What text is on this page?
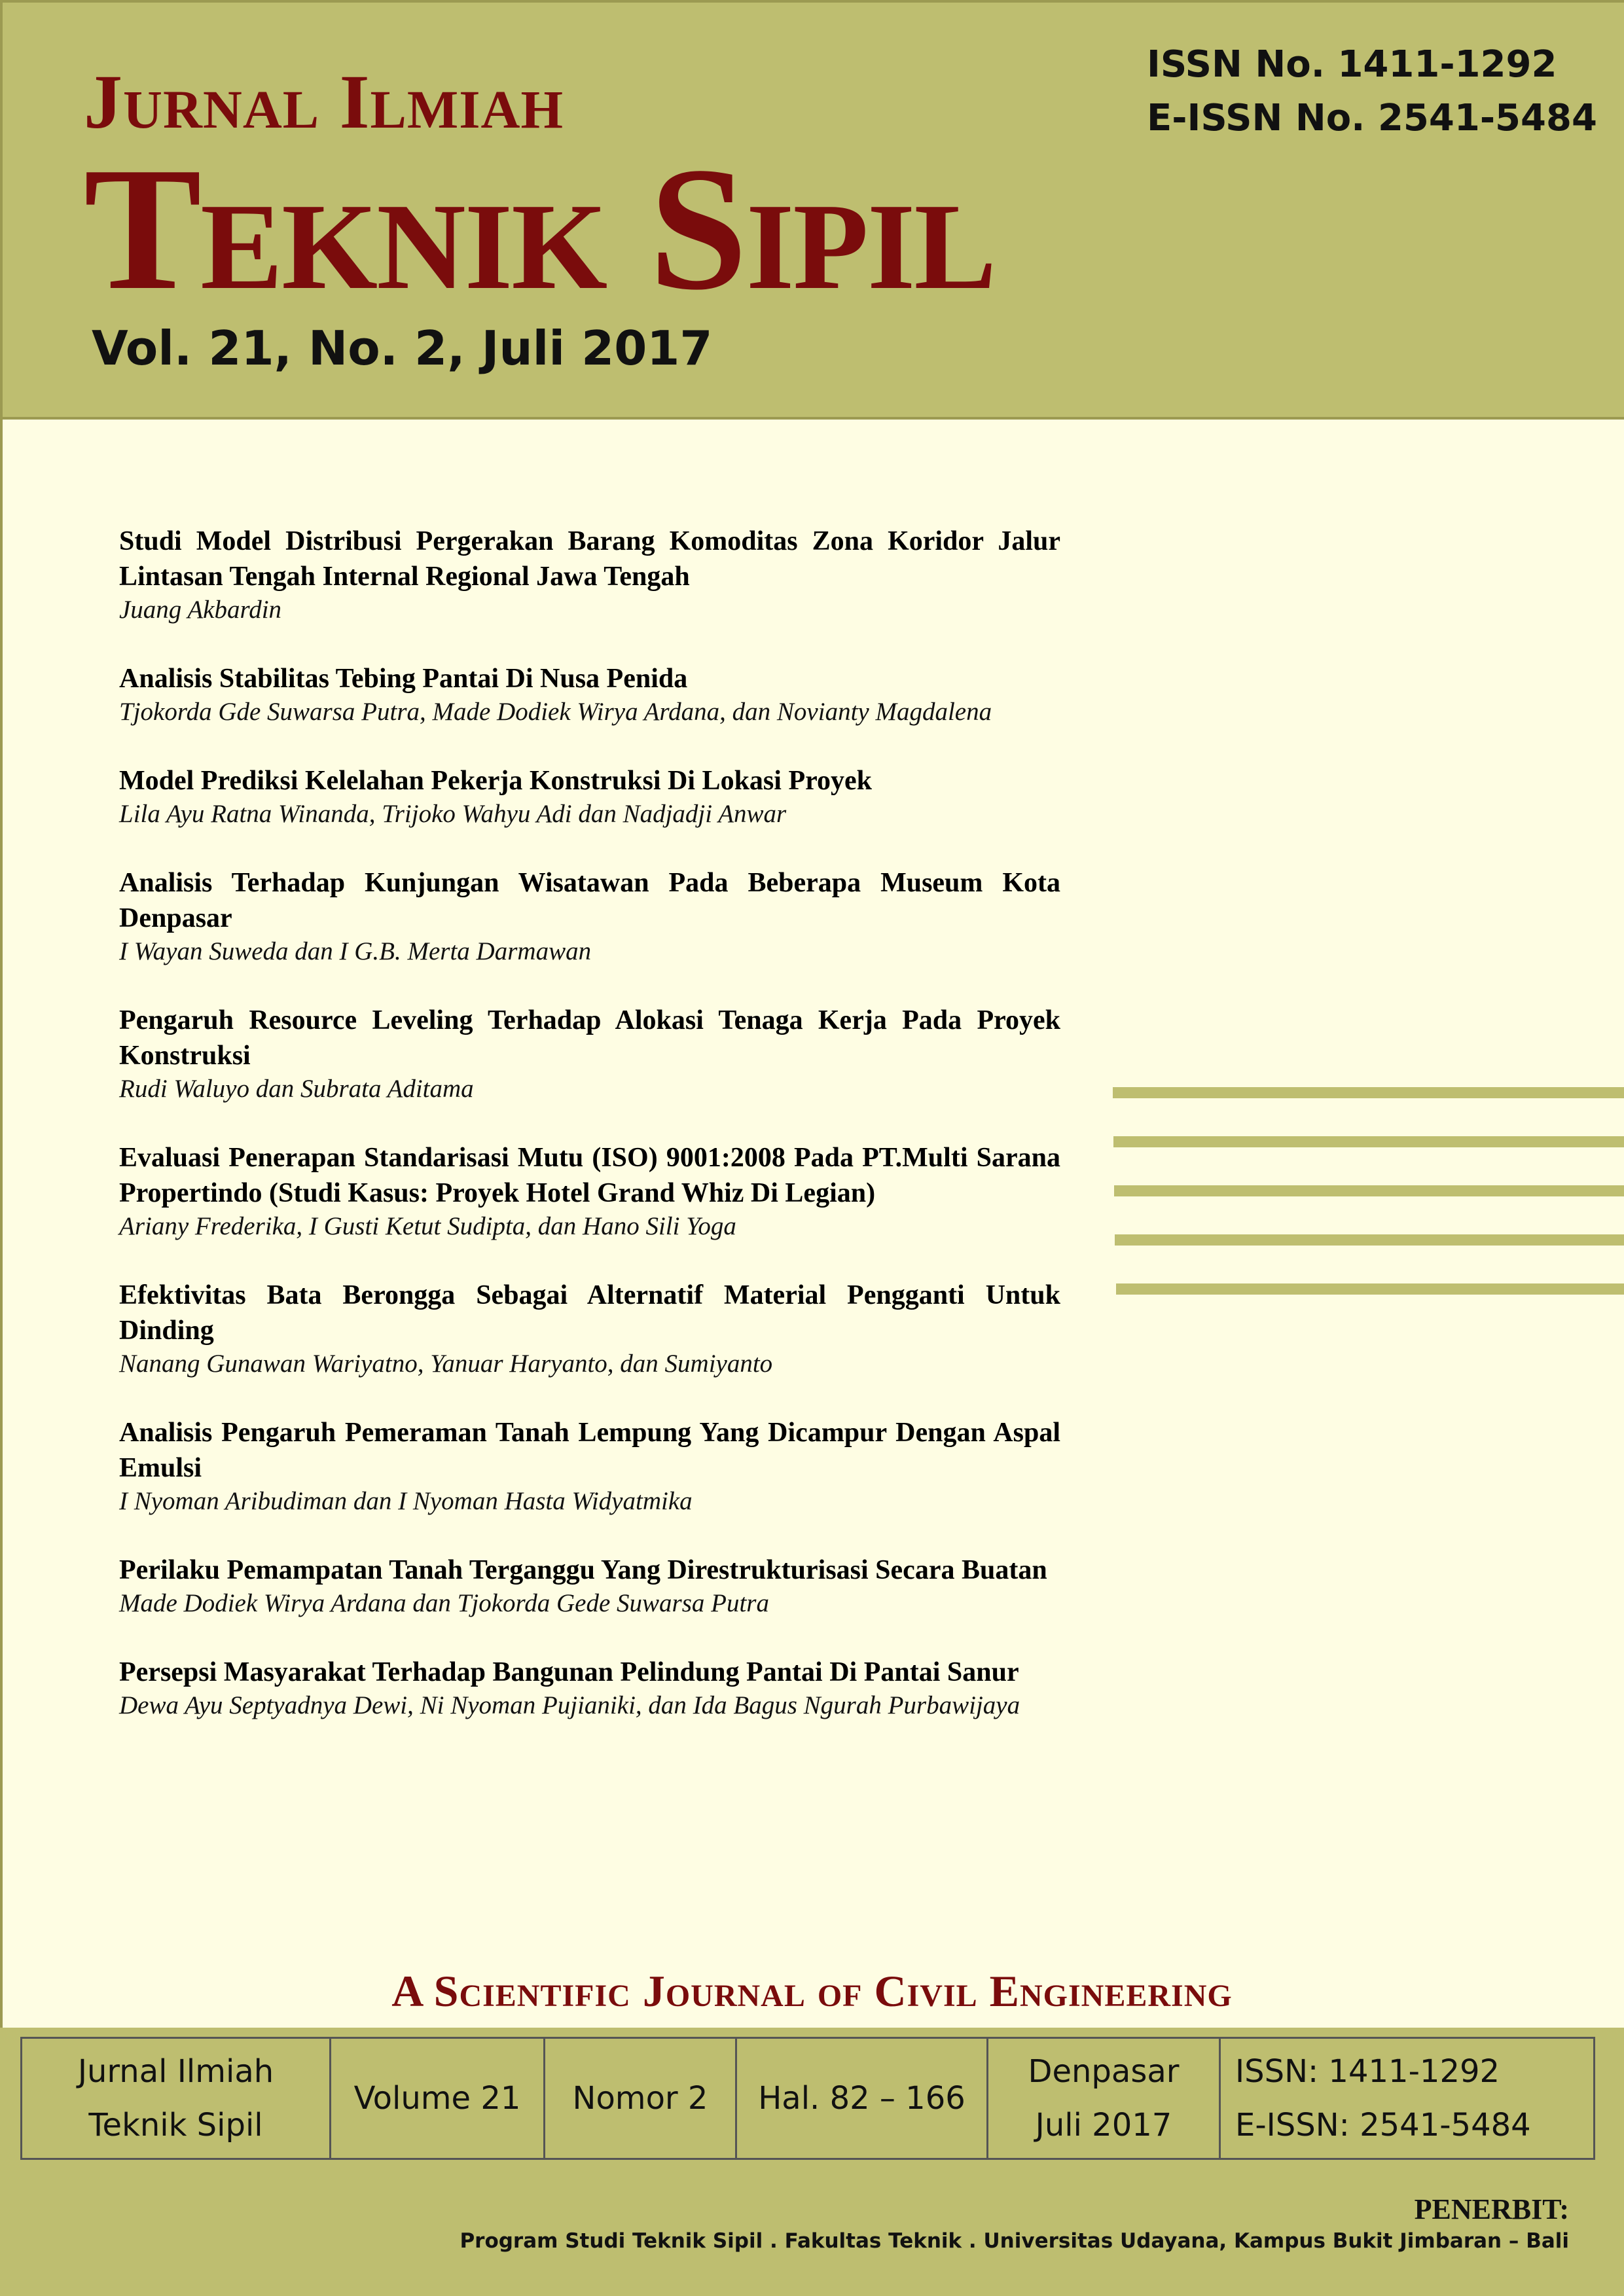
Jurnal Ilmiah
Teknik Sipil
ISSN No. 1411-1292
E-ISSN No. 2541-5484
Vol. 21, No. 2, Juli 2017
Studi Model Distribusi Pergerakan Barang Komoditas Zona Koridor Jalur Lintasan Tengah Internal Regional Jawa Tengah
Juang Akbardin
Analisis Stabilitas Tebing Pantai Di Nusa Penida
Tjokorda Gde Suwarsa Putra, Made Dodiek Wirya Ardana, dan Novianty Magdalena
Model Prediksi Kelelahan Pekerja Konstruksi Di Lokasi Proyek
Lila Ayu Ratna Winanda, Trijoko Wahyu Adi dan Nadjadji Anwar
Analisis Terhadap Kunjungan Wisatawan Pada Beberapa Museum Kota Denpasar
I Wayan Suweda dan I G.B. Merta Darmawan
Pengaruh Resource Leveling Terhadap Alokasi Tenaga Kerja Pada Proyek Konstruksi
Rudi Waluyo dan Subrata Aditama
Evaluasi Penerapan Standarisasi Mutu (ISO) 9001:2008 Pada PT.Multi Sarana Propertindo (Studi Kasus: Proyek Hotel Grand Whiz Di Legian)
Ariany Frederika, I Gusti Ketut Sudipta, dan Hano Sili Yoga
Efektivitas Bata Berongga Sebagai Alternatif Material Pengganti Untuk Dinding
Nanang Gunawan Wariyatno, Yanuar Haryanto, dan Sumiyanto
Analisis Pengaruh Pemeraman Tanah Lempung Yang Dicampur Dengan Aspal Emulsi
I Nyoman Aribudiman dan I Nyoman Hasta Widyatmika
Perilaku Pemampatan Tanah Terganggu Yang Direstrukturisasi Secara Buatan
Made Dodiek Wirya Ardana dan Tjokorda Gede Suwarsa Putra
Persepsi Masyarakat Terhadap Bangunan Pelindung Pantai Di Pantai Sanur
Dewa Ayu Septyadnya Dewi, Ni Nyoman Pujianiki, dan Ida Bagus Ngurah Purbawijaya
A Scientific Journal of Civil Engineering
Jurnal Ilmiah
Teknik Sipil
Volume 21 Nomor 2 Hal. 82 – 166
Denpasar
Juli 2017
ISSN: 1411-1292
E-ISSN: 2541-5484
PENERBIT:
Program Studi Teknik Sipil . Fakultas Teknik . Universitas Udayana, Kampus Bukit Jimbaran – Bali
